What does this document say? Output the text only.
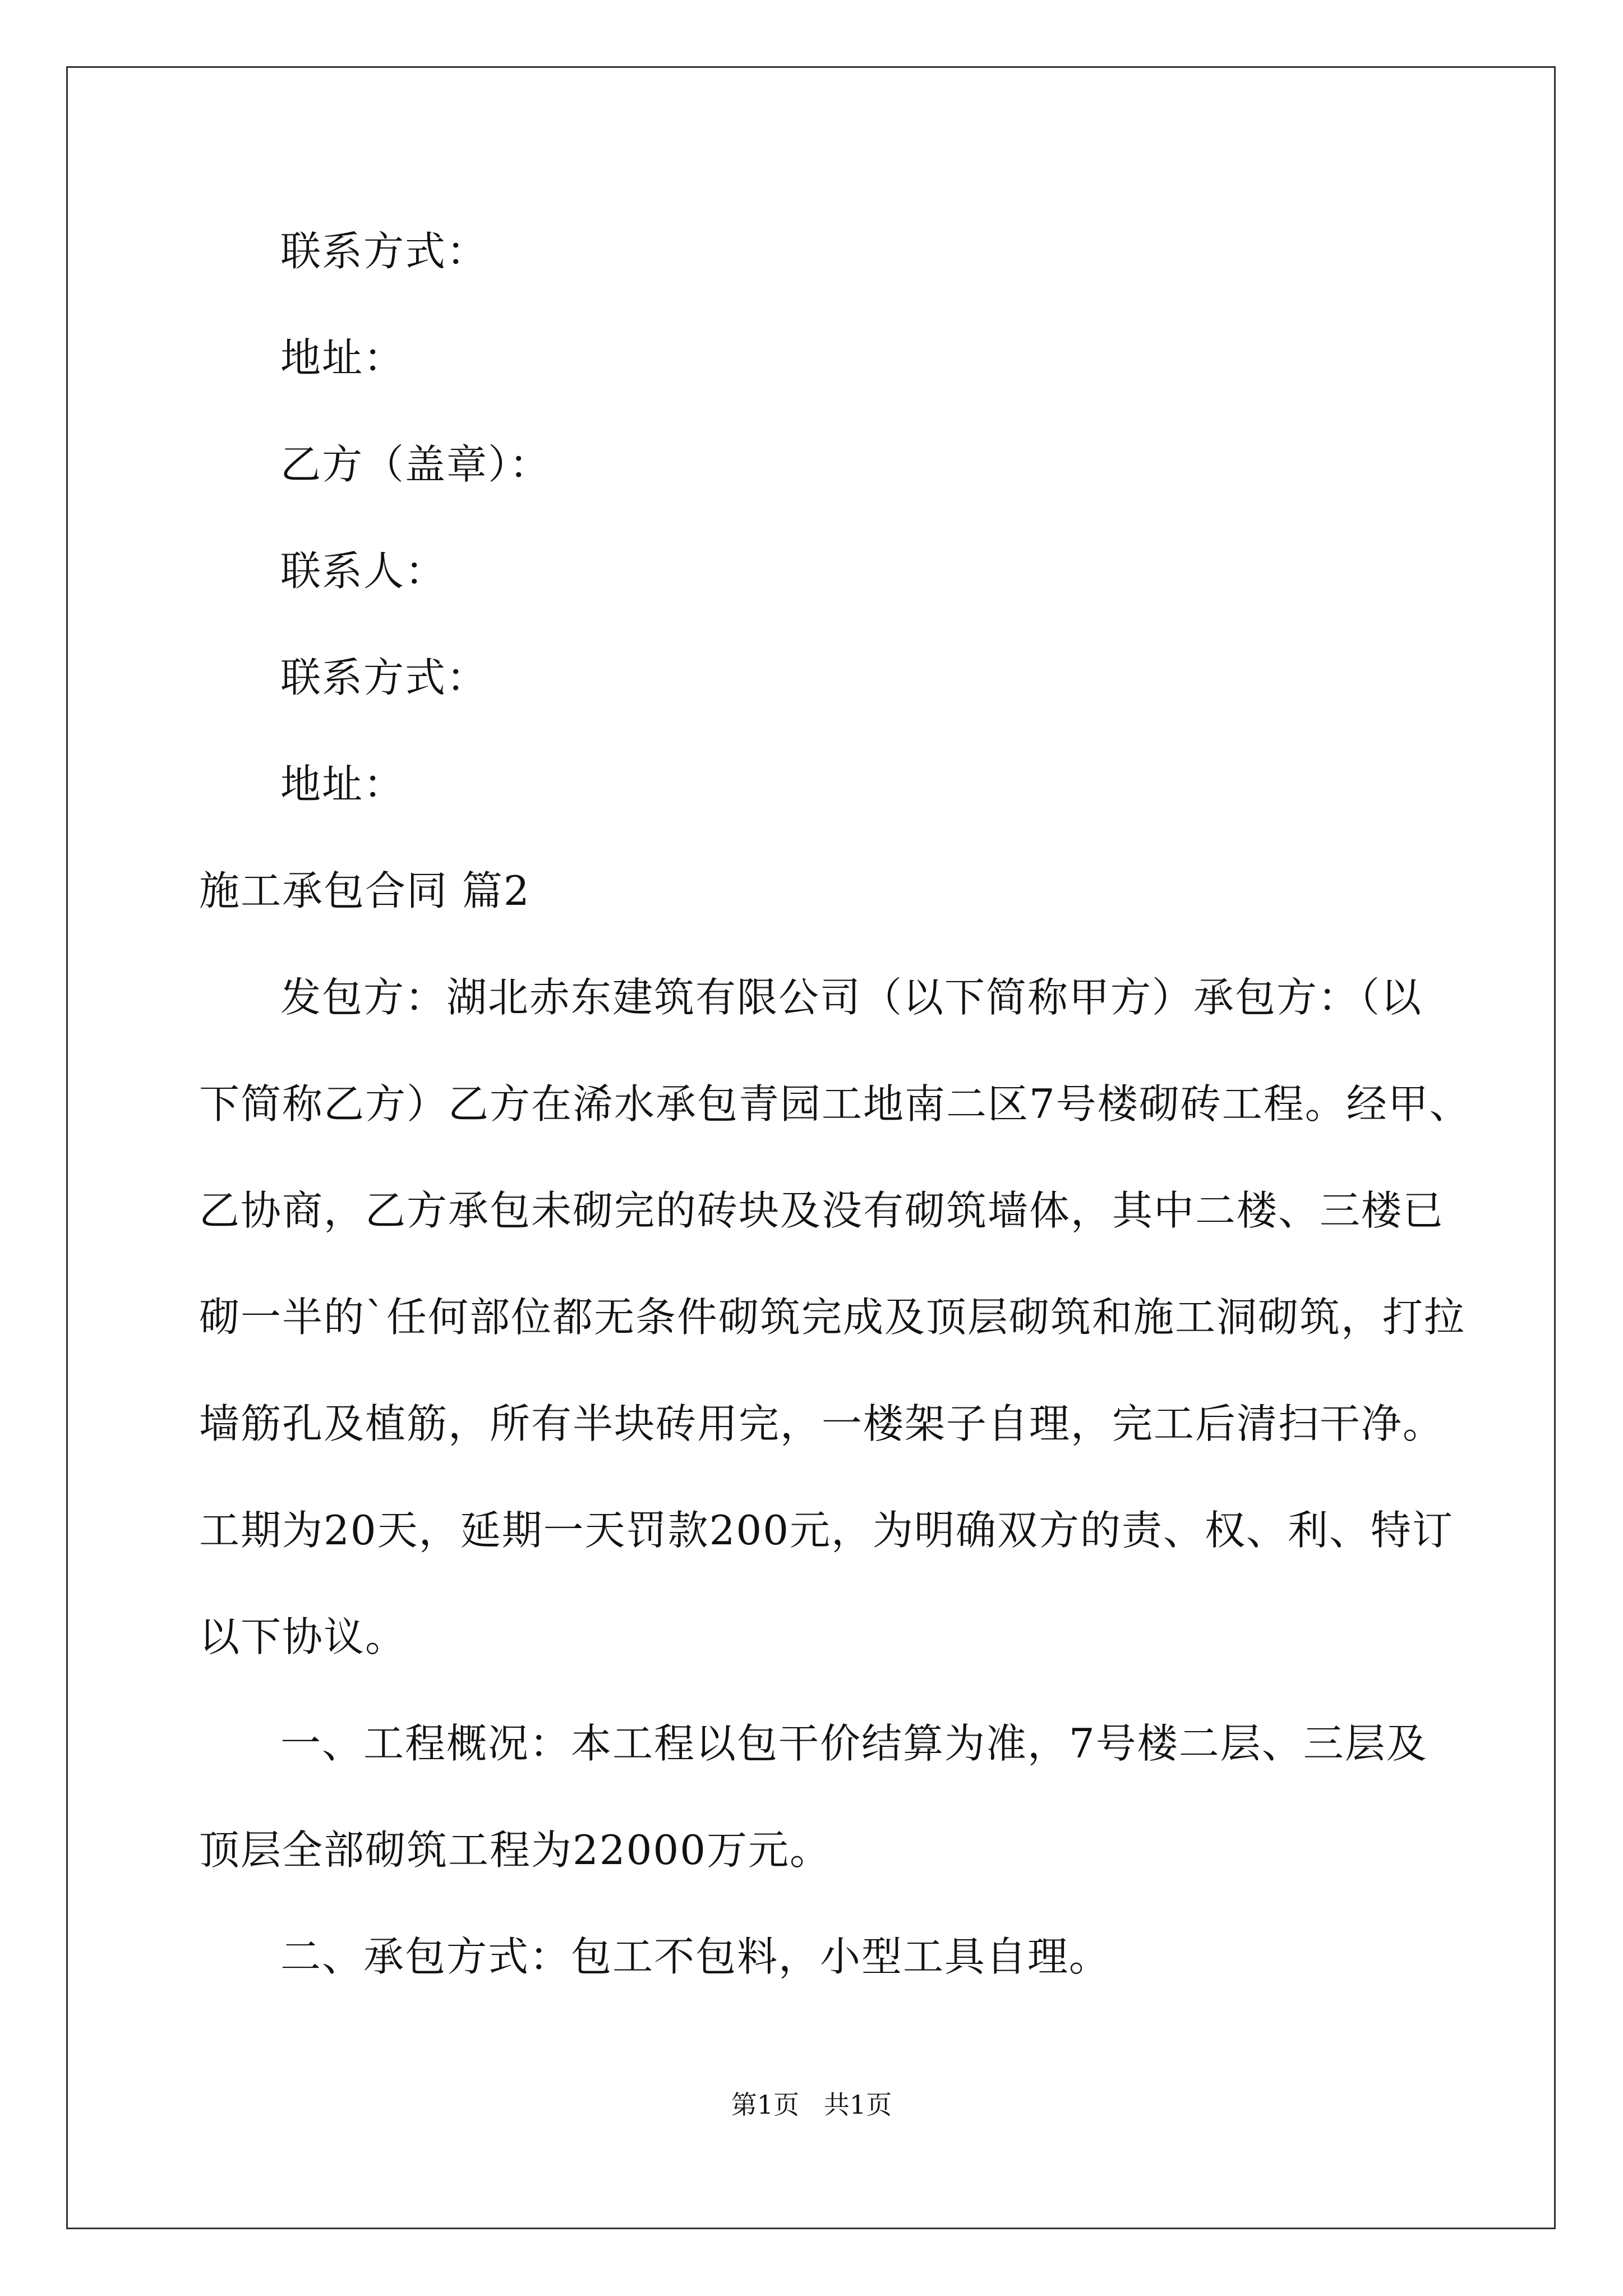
联系方式：
地址：
乙方（盖章）：
联系人：
联系方式：
地址：
施工承包合同 篇2
发包方：湖北赤东建筑有限公司（以下简称甲方）承包方：（以
下简称乙方）乙方在浠水承包青园工地南二区7号楼砌砖工程。经甲、
乙协商，乙方承包未砌完的砖块及没有砌筑墙体，其中二楼、三楼已
砌一半的`任何部位都无条件砌筑完成及顶层砌筑和施工洞砌筑，打拉
墙筋孔及植筋，所有半块砖用完，一楼架子自理，完工后清扫干净。
工期为20天，延期一天罚款200元，为明确双方的责、权、利、特订
以下协议。
一、工程概况：本工程以包干价结算为准，7号楼二层、三层及
顶层全部砌筑工程为22000万元。
二、承包方式：包工不包料，小型工具自理。
第1页   共1页
